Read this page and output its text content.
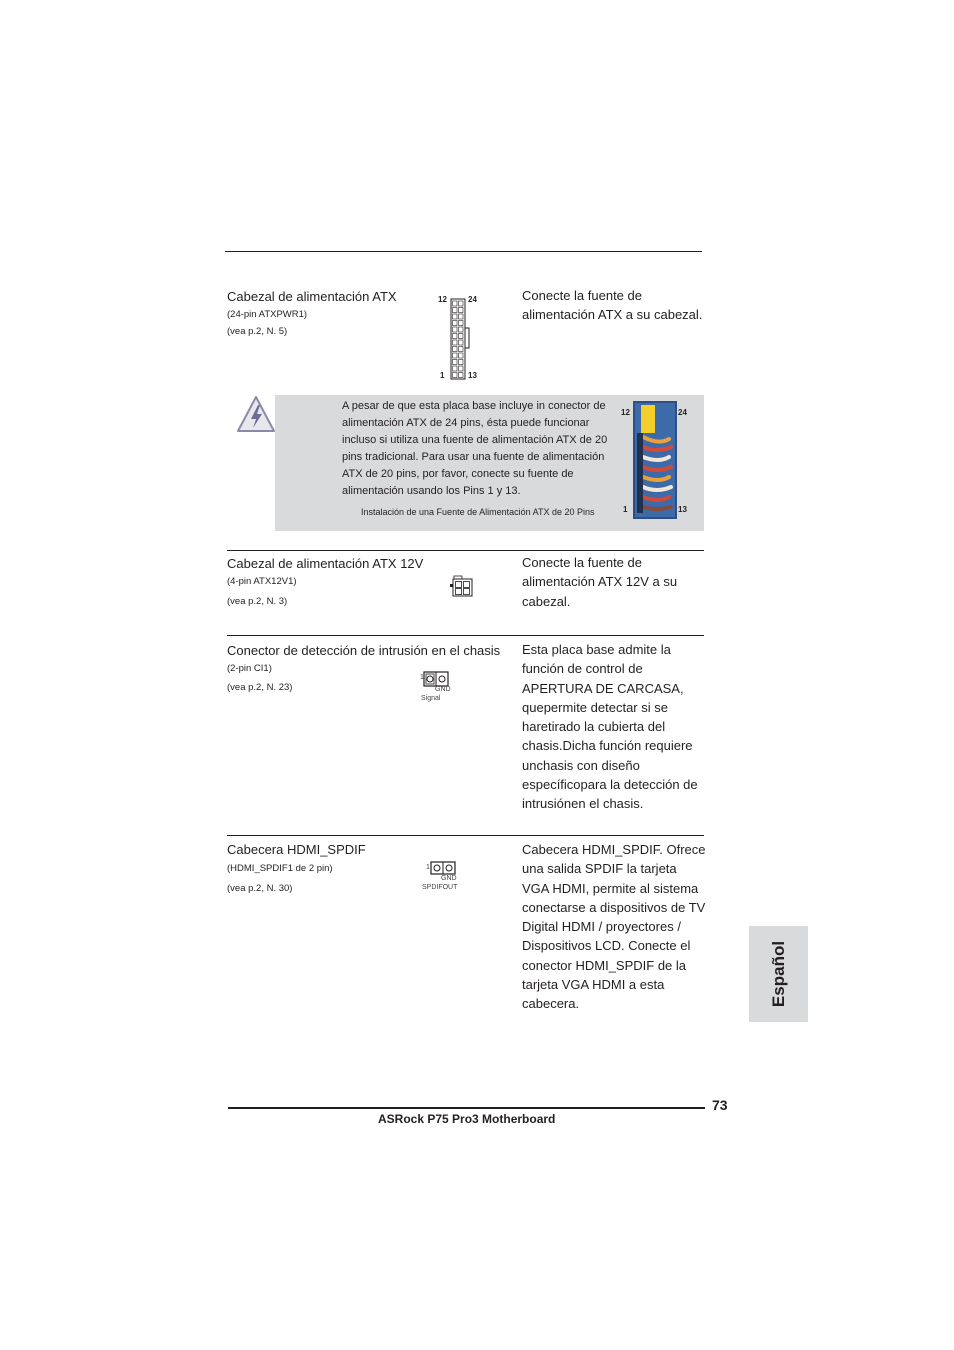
Cabezal de alimentación ATX
(24-pin ATXPWR1)
(vea p.2, N. 5)
12	24
1	13
Conecte la fuente de alimentación ATX a su cabezal.
A pesar de que esta placa base incluye in conector de alimentación ATX de 24 pins, ésta puede funcionar incluso si utiliza una fuente de alimentación ATX de 20 pins tradicional. Para usar una fuente de alimentación ATX de 20 pins, por favor, conecte su fuente de alimentación usando los Pins 1 y 13.
Instalación de una Fuente de Alimentación ATX de 20 Pins
12	24
1	13
Cabezal de alimentación ATX 12V
(4-pin ATX12V1)
(vea p.2, N. 3)
Conecte la fuente de alimentación ATX 12V a su cabezal.
Conector de detección de intrusión en el chasis
(2-pin CI1)
(vea p.2, N. 23)
1
GND
Signal
Esta placa base admite la función de control de APERTURA DE CARCASA, quepermite detectar si se haretirado la cubierta del chasis.Dicha función requiere unchasis con diseño específicopara la detección de intrusiónen el chasis.
Cabecera HDMI_SPDIF
(HDMI_SPDIF1 de 2 pin)
(vea p.2, N. 30)
1
GND
SPDIFOUT
Cabecera HDMI_SPDIF. Ofrece una salida SPDIF la tarjeta VGA HDMI, permite al sistema conectarse a dispositivos de TV Digital HDMI / proyectores / Dispositivos LCD. Conecte el conector HDMI_SPDIF de la tarjeta VGA HDMI a esta cabecera.	Español
73
ASRock P75 Pro3 Motherboard
